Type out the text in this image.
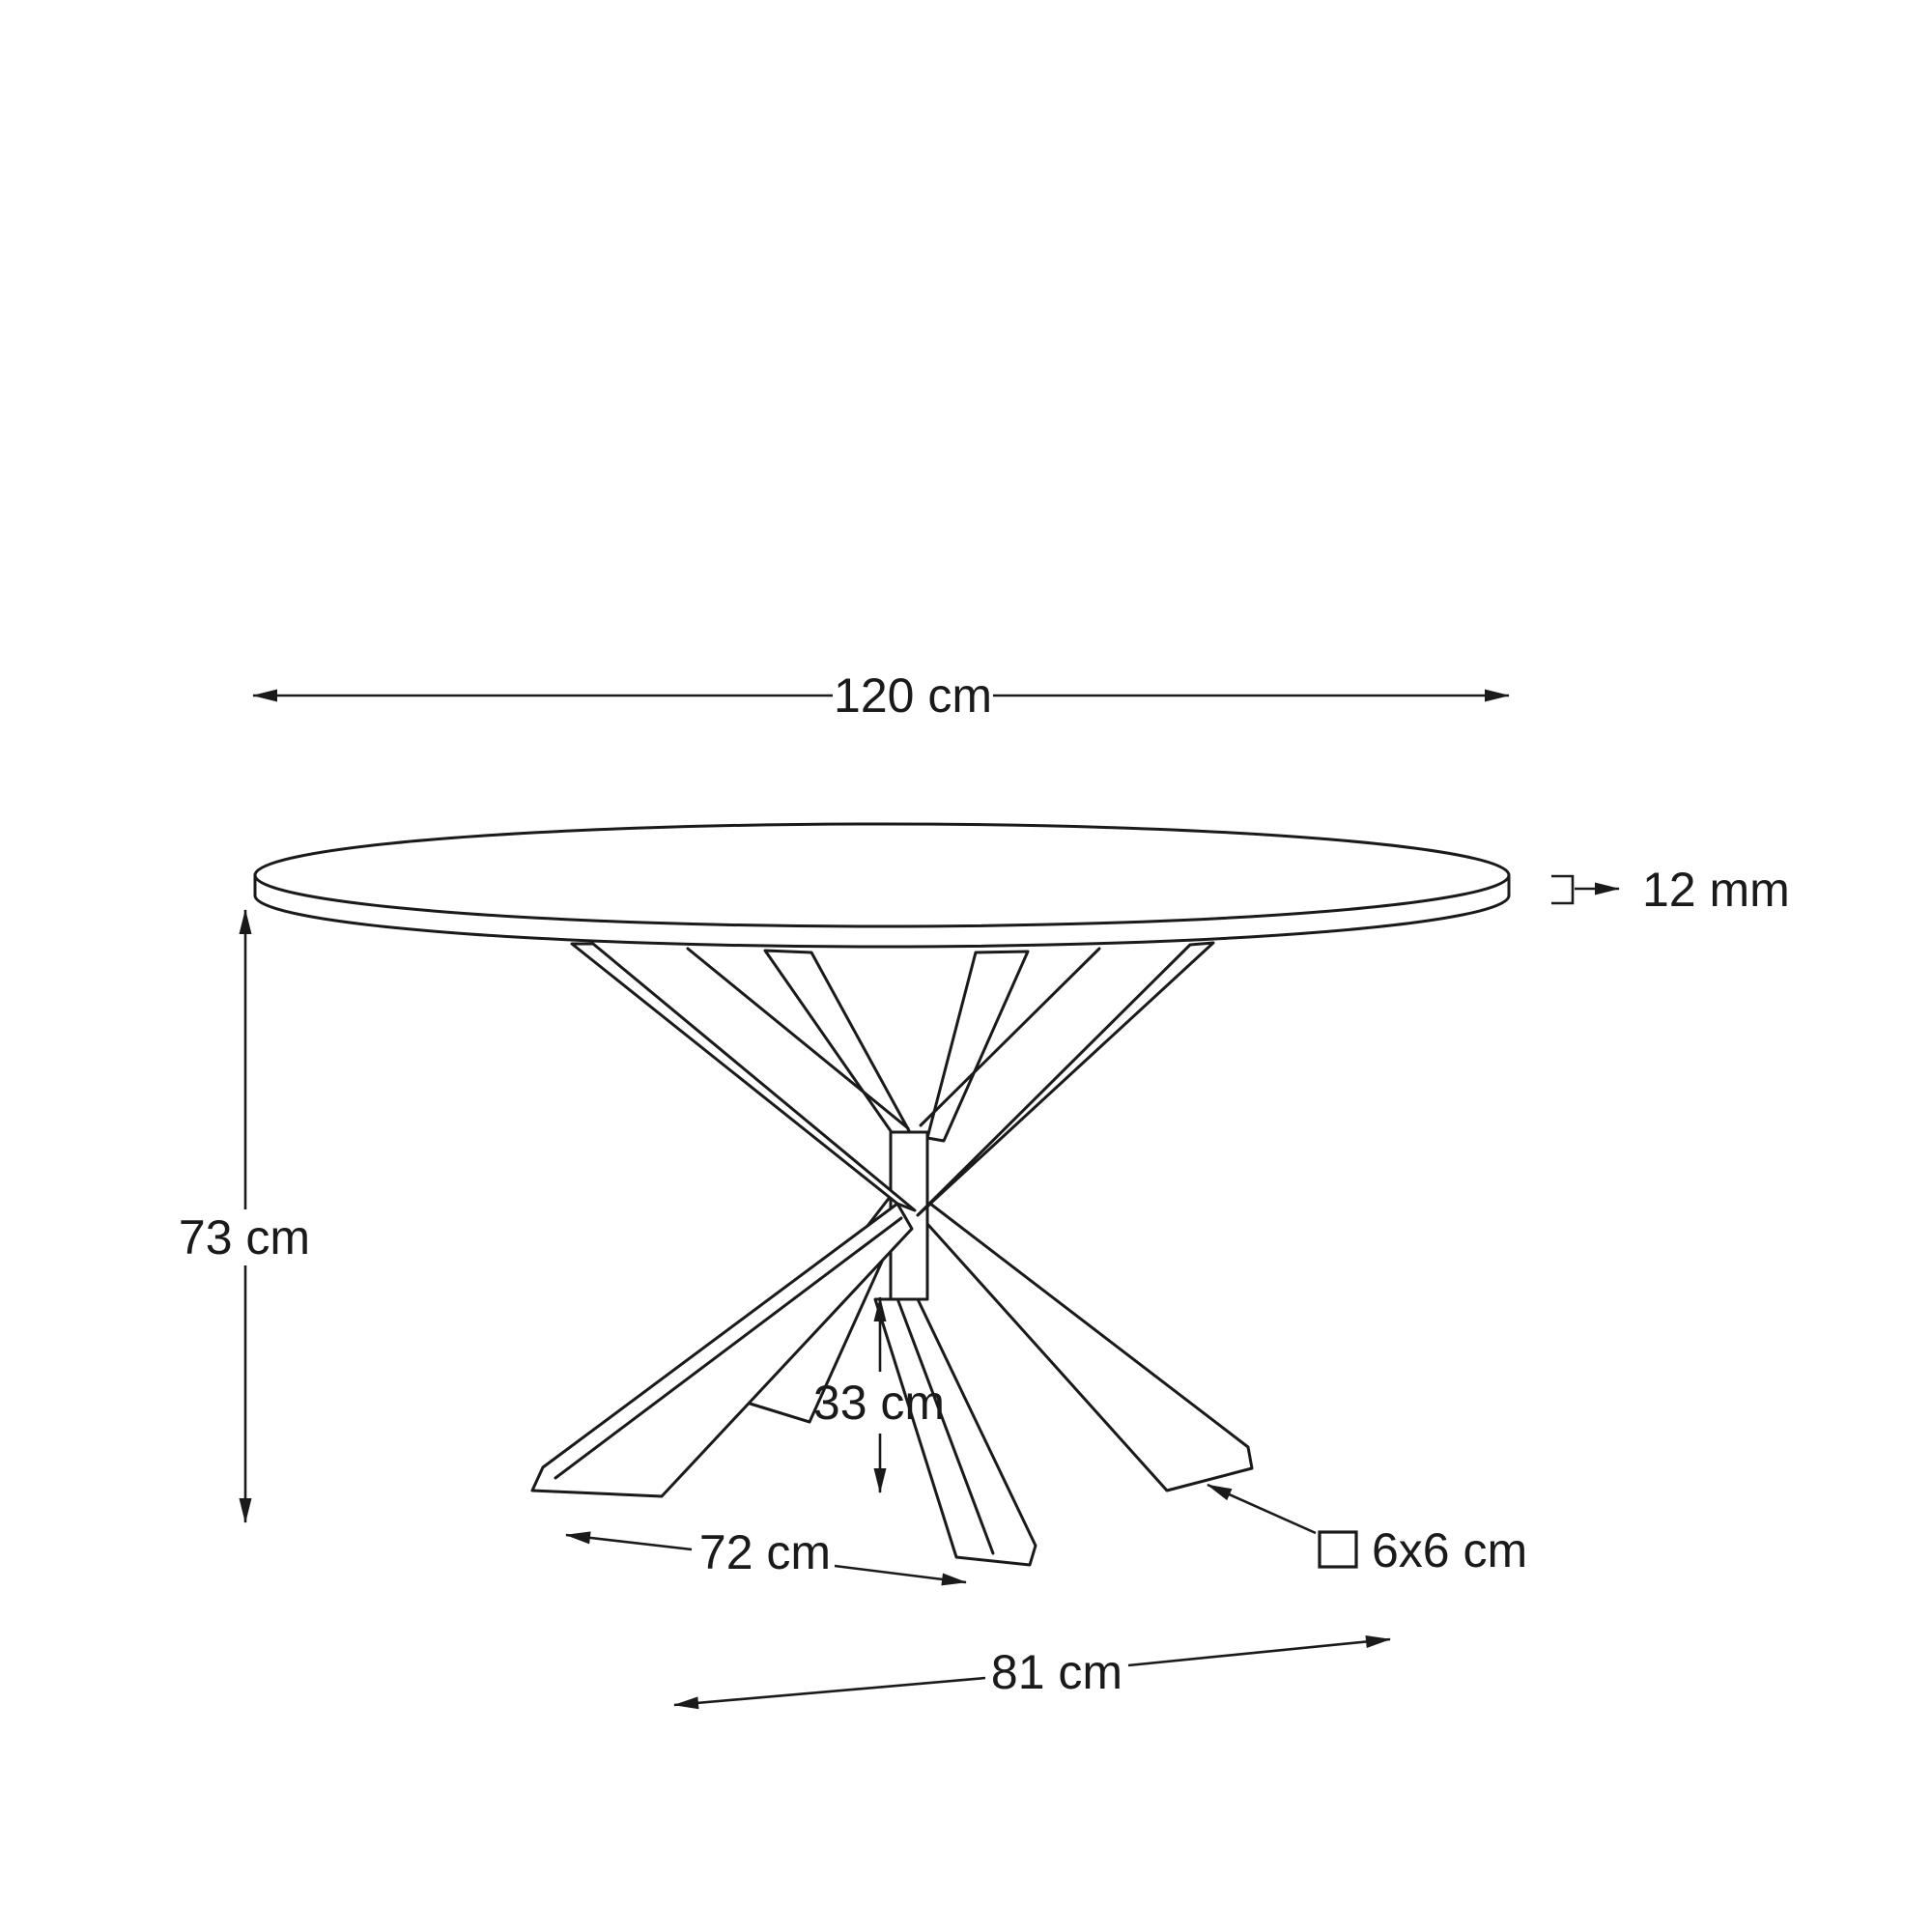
120 cm
73 cm
12 mm
33 cm
72 cm
81 cm
6x6 cm
